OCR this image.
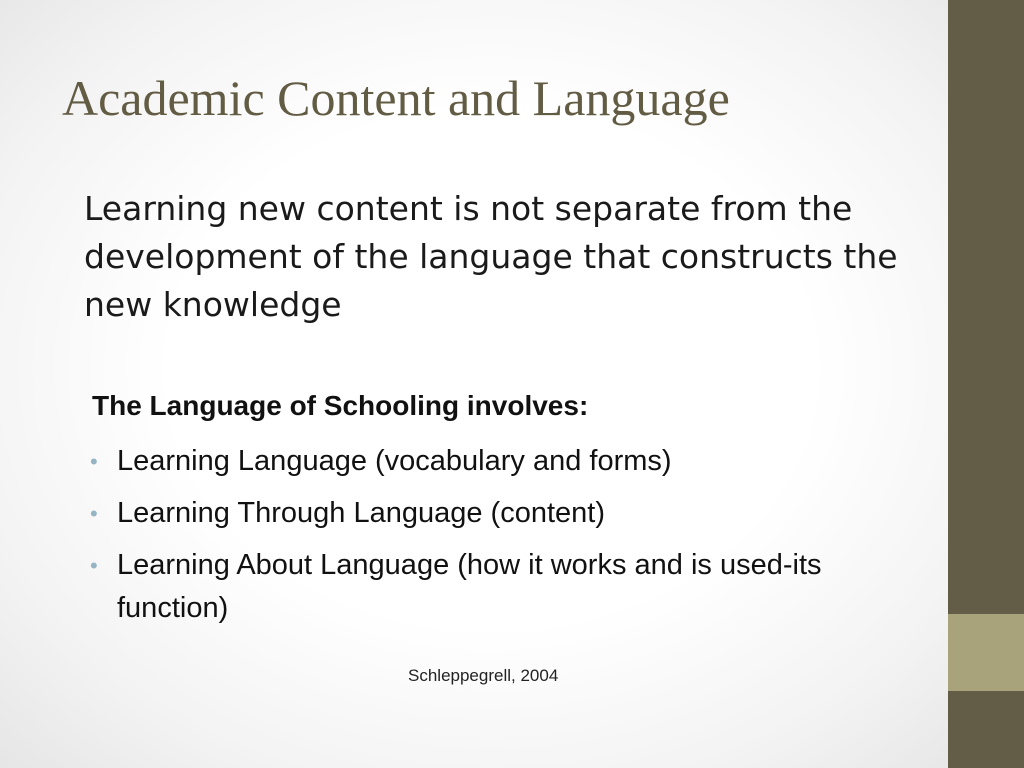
Academic Content and Language

Learning new content is not separate from the development of the language that constructs the new knowledge

The Language of Schooling involves:

• Learning Language (vocabulary and forms)
• Learning Through Language (content)
• Learning About Language (how it works and is used-its function)

Schleppegrell, 2004
